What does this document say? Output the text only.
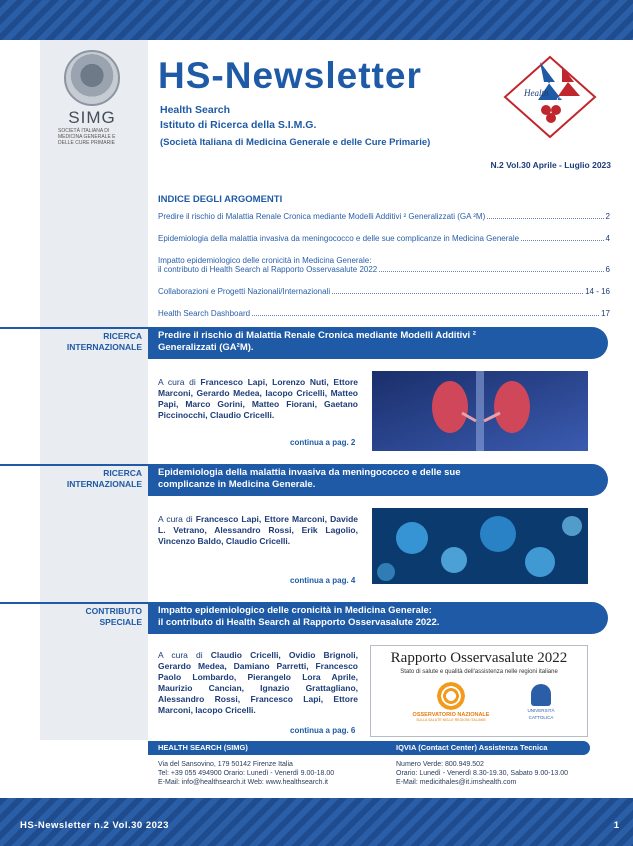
SIMG
SOCIETÀ ITALIANA DI MEDICINA GENERALE E DELLE CURE PRIMARIE
HS-Newsletter
Health Search
Istituto di Ricerca della S.I.M.G.
(Società Italiana di Medicina Generale e delle Cure Primarie)
Health
Search
N.2 Vol.30 Aprile - Luglio 2023
INDICE DEGLI ARGOMENTI
Predire il rischio di Malattia Renale Cronica mediante Modelli Additivi ² Generalizzati (GA ²M)	2
Epidemiologia della malattia invasiva da meningococco e delle sue complicanze in Medicina Generale	4
Impatto epidemiologico delle cronicità in Medicina Generale:
il contributo di Health Search al Rapporto Osservasalute 2022	6
Collaborazioni e Progetti Nazionali/Internazionali	14 - 16
Health Search Dashboard	17
RICERCA
INTERNAZIONALE
Predire il rischio di Malattia Renale Cronica mediante Modelli Additivi ²
Generalizzati (GA²M).
A cura di Francesco Lapi, Lorenzo Nuti, Ettore Marconi, Gerardo Medea, Iacopo Cricelli, Matteo Papi, Marco Gorini, Matteo Fiorani, Gaetano Piccinocchi, Claudio Cricelli.
continua a pag. 2
RICERCA
INTERNAZIONALE
Epidemiologia della malattia invasiva da meningococco e delle sue
complicanze in Medicina Generale.
A cura di Francesco Lapi, Ettore Marconi, Davide L. Vetrano, Alessandro Rossi, Erik Lagolio, Vincenzo Baldo, Claudio Cricelli.
continua a pag. 4
CONTRIBUTO
SPECIALE
Impatto epidemiologico delle cronicità in Medicina Generale:
il contributo di Health Search al Rapporto Osservasalute 2022.
A cura di Claudio Cricelli, Ovidio Brignoli, Gerardo Medea, Damiano Parretti, Francesco Paolo Lombardo, Pierangelo Lora Aprile, Maurizio Cancian, Ignazio Grattagliano, Alessandro Rossi, Francesco Lapi, Ettore Marconi, Iacopo Cricelli.
continua a pag. 6
Rapporto Osservasalute 2022
Stato di salute e qualità dell'assistenza nelle regioni italiane
OSSERVATORIO NAZIONALE
SULLA SALUTE NELLE REGIONI ITALIANE
UNIVERSITÀ
CATTOLICA
HEALTH SEARCH (SIMG)	IQVIA (Contact Center) Assistenza Tecnica
Via del Sansovino, 179 50142 Firenze Italia
Tel: +39 055 494900 Orario: Lunedì - Venerdì 9.00-18.00
E-Mail: info@healthsearch.it Web: www.healthsearch.it
Numero Verde: 800.949.502
Orario: Lunedì - Venerdì 8.30-19.30, Sabato 9.00-13.00
E-Mail: medicithales@it.imshealth.com
HS-Newsletter n.2 Vol.30 2023	1
